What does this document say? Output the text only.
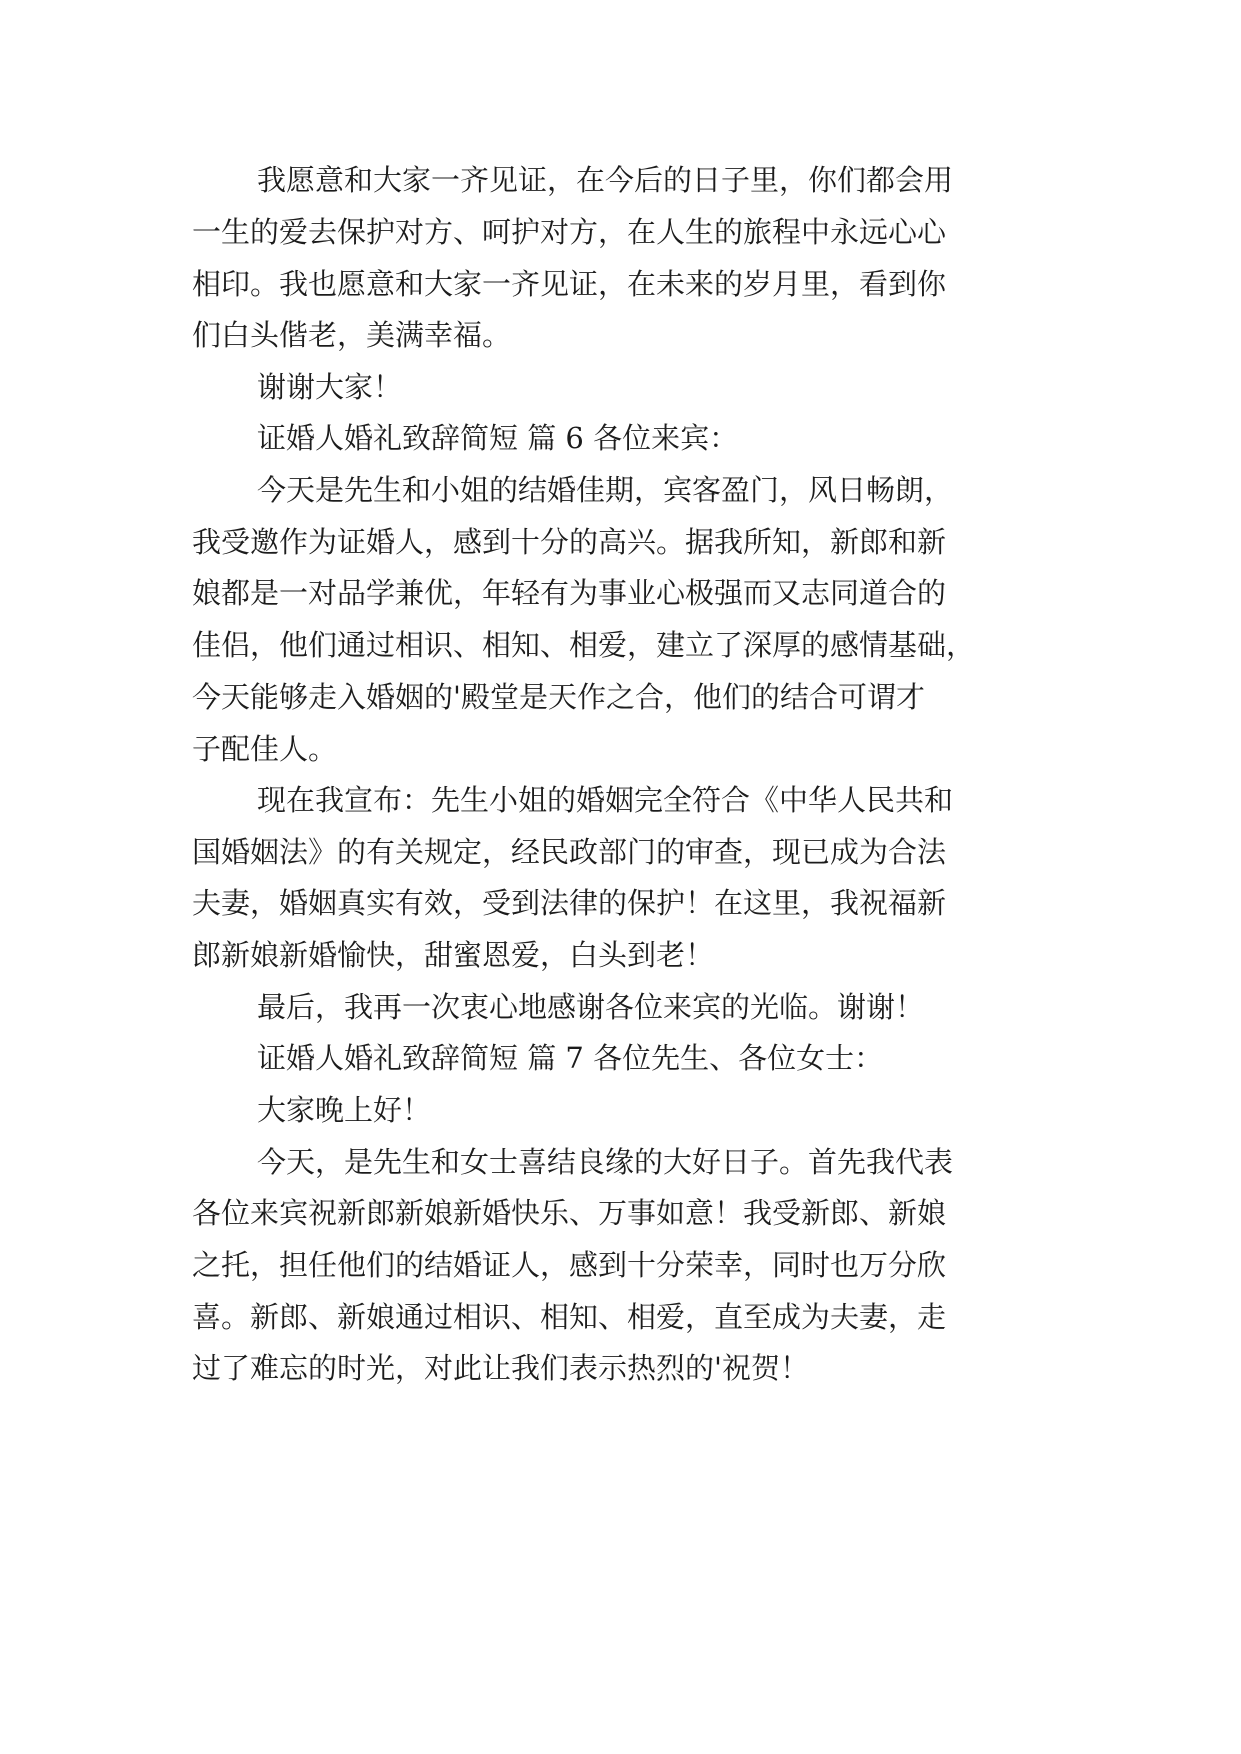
我愿意和大家一齐见证，在今后的日子里，你们都会用

一生的爱去保护对方、呵护对方，在人生的旅程中永远心心

相印。我也愿意和大家一齐见证，在未来的岁月里，看到你

们白头偕老，美满幸福。

谢谢大家！

证婚人婚礼致辞简短 篇 6 各位来宾：

今天是先生和小姐的结婚佳期，宾客盈门，风日畅朗，

我受邀作为证婚人，感到十分的高兴。据我所知，新郎和新

娘都是一对品学兼优，年轻有为事业心极强而又志同道合的

佳侣，他们通过相识、相知、相爱，建立了深厚的感情基础，

今天能够走入婚姻的'殿堂是天作之合，他们的结合可谓才

子配佳人。

现在我宣布：先生小姐的婚姻完全符合《中华人民共和

国婚姻法》的有关规定，经民政部门的审查，现已成为合法

夫妻，婚姻真实有效，受到法律的保护！在这里，我祝福新

郎新娘新婚愉快，甜蜜恩爱，白头到老！

最后，我再一次衷心地感谢各位来宾的光临。谢谢！

证婚人婚礼致辞简短 篇 7 各位先生、各位女士：

大家晚上好！

今天，是先生和女士喜结良缘的大好日子。首先我代表

各位来宾祝新郎新娘新婚快乐、万事如意！我受新郎、新娘

之托，担任他们的结婚证人，感到十分荣幸，同时也万分欣

喜。新郎、新娘通过相识、相知、相爱，直至成为夫妻，走

过了难忘的时光，对此让我们表示热烈的'祝贺！
